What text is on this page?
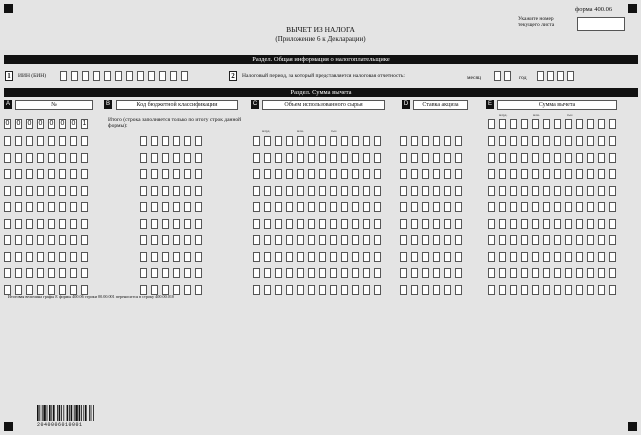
форма 400.06
Укажите номер текущего листа
ВЫЧЕТ ИЗ НАЛОГА
(Приложение 6 к Декларации)
Раздел. Общая информация о налогоплательщике
1	ИИН (БИН)	2	Налоговый период, за который представляется налоговая отчетность:	месяц	год
Раздел. Сумма вычета
A	№	B	Код бюджетной классификации	C	Объем использованного сырья	D	Ставка акциза	E	Сумма вычета
млрд.	млн.	тыс.
млрд.	млн.	тыс.
Итого (строка заполняется только по итогу строк данной формы):
0 0 0 0 0 0 0 1
Итоговая величина графы Е формы 400.06 строки 00.00.001 переносится в строку 400.00.010
2040006010001
